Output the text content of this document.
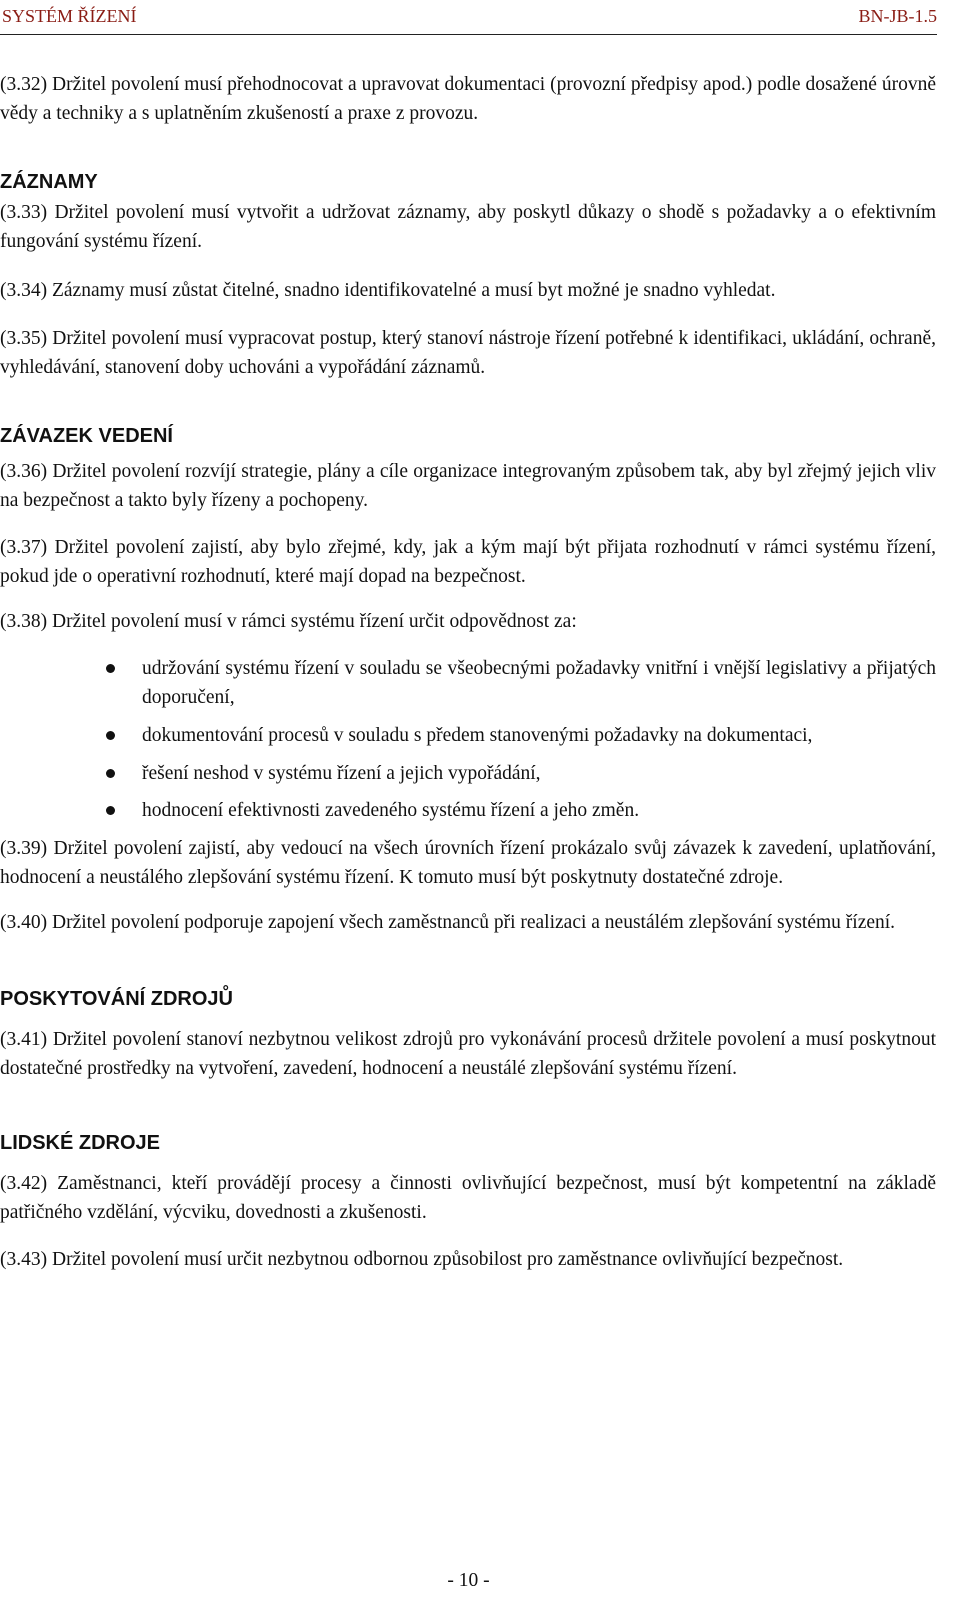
SYSTÉM ŘÍZENÍ	BN-JB-1.5

(3.32) Držitel povolení musí přehodnocovat a upravovat dokumentaci (provozní předpisy apod.) podle dosažené úrovně vědy a techniky a s uplatněním zkušeností a praxe z provozu.

ZÁZNAMY

(3.33) Držitel povolení musí vytvořit a udržovat záznamy, aby poskytl důkazy o shodě s požadavky a o efektivním fungování systému řízení.

(3.34) Záznamy musí zůstat čitelné, snadno identifikovatelné a musí byt možné je snadno vyhledat.

(3.35) Držitel povolení musí vypracovat postup, který stanoví nástroje řízení potřebné k identifikaci, ukládání, ochraně, vyhledávání, stanovení doby uchováni a vypořádání záznamů.

ZÁVAZEK VEDENÍ

(3.36) Držitel povolení rozvíjí strategie, plány a cíle organizace integrovaným způsobem tak, aby byl zřejmý jejich vliv na bezpečnost a takto byly řízeny a pochopeny.

(3.37) Držitel povolení zajistí, aby bylo zřejmé, kdy, jak a kým mají být přijata rozhodnutí v rámci systému řízení, pokud jde o operativní rozhodnutí, které mají dopad na bezpečnost.

(3.38) Držitel povolení musí v rámci systému řízení určit odpovědnost za:

udržování systému řízení v souladu se všeobecnými požadavky vnitřní i vnější legislativy a přijatých doporučení,
dokumentování procesů v souladu s předem stanovenými požadavky na dokumentaci,
řešení neshod v systému řízení a jejich vypořádání,
hodnocení efektivnosti zavedeného systému řízení a jeho změn.

(3.39) Držitel povolení zajistí, aby vedoucí na všech úrovních řízení prokázalo svůj závazek k zavedení, uplatňování, hodnocení a neustálého zlepšování systému řízení. K tomuto musí být poskytnuty dostatečné zdroje.

(3.40) Držitel povolení podporuje zapojení všech zaměstnanců při realizaci a neustálém zlepšování systému řízení.

POSKYTOVÁNÍ ZDROJŮ

(3.41) Držitel povolení stanoví nezbytnou velikost zdrojů pro vykonávání procesů držitele povolení a musí poskytnout dostatečné prostředky na vytvoření, zavedení, hodnocení a neustálé zlepšování systému řízení.

LIDSKÉ ZDROJE

(3.42) Zaměstnanci, kteří provádějí procesy a činnosti ovlivňující bezpečnost, musí být kompetentní na základě patřičného vzdělání, výcviku, dovednosti a zkušenosti.

(3.43) Držitel povolení musí určit nezbytnou odbornou způsobilost pro zaměstnance ovlivňující bezpečnost.

- 10 -
